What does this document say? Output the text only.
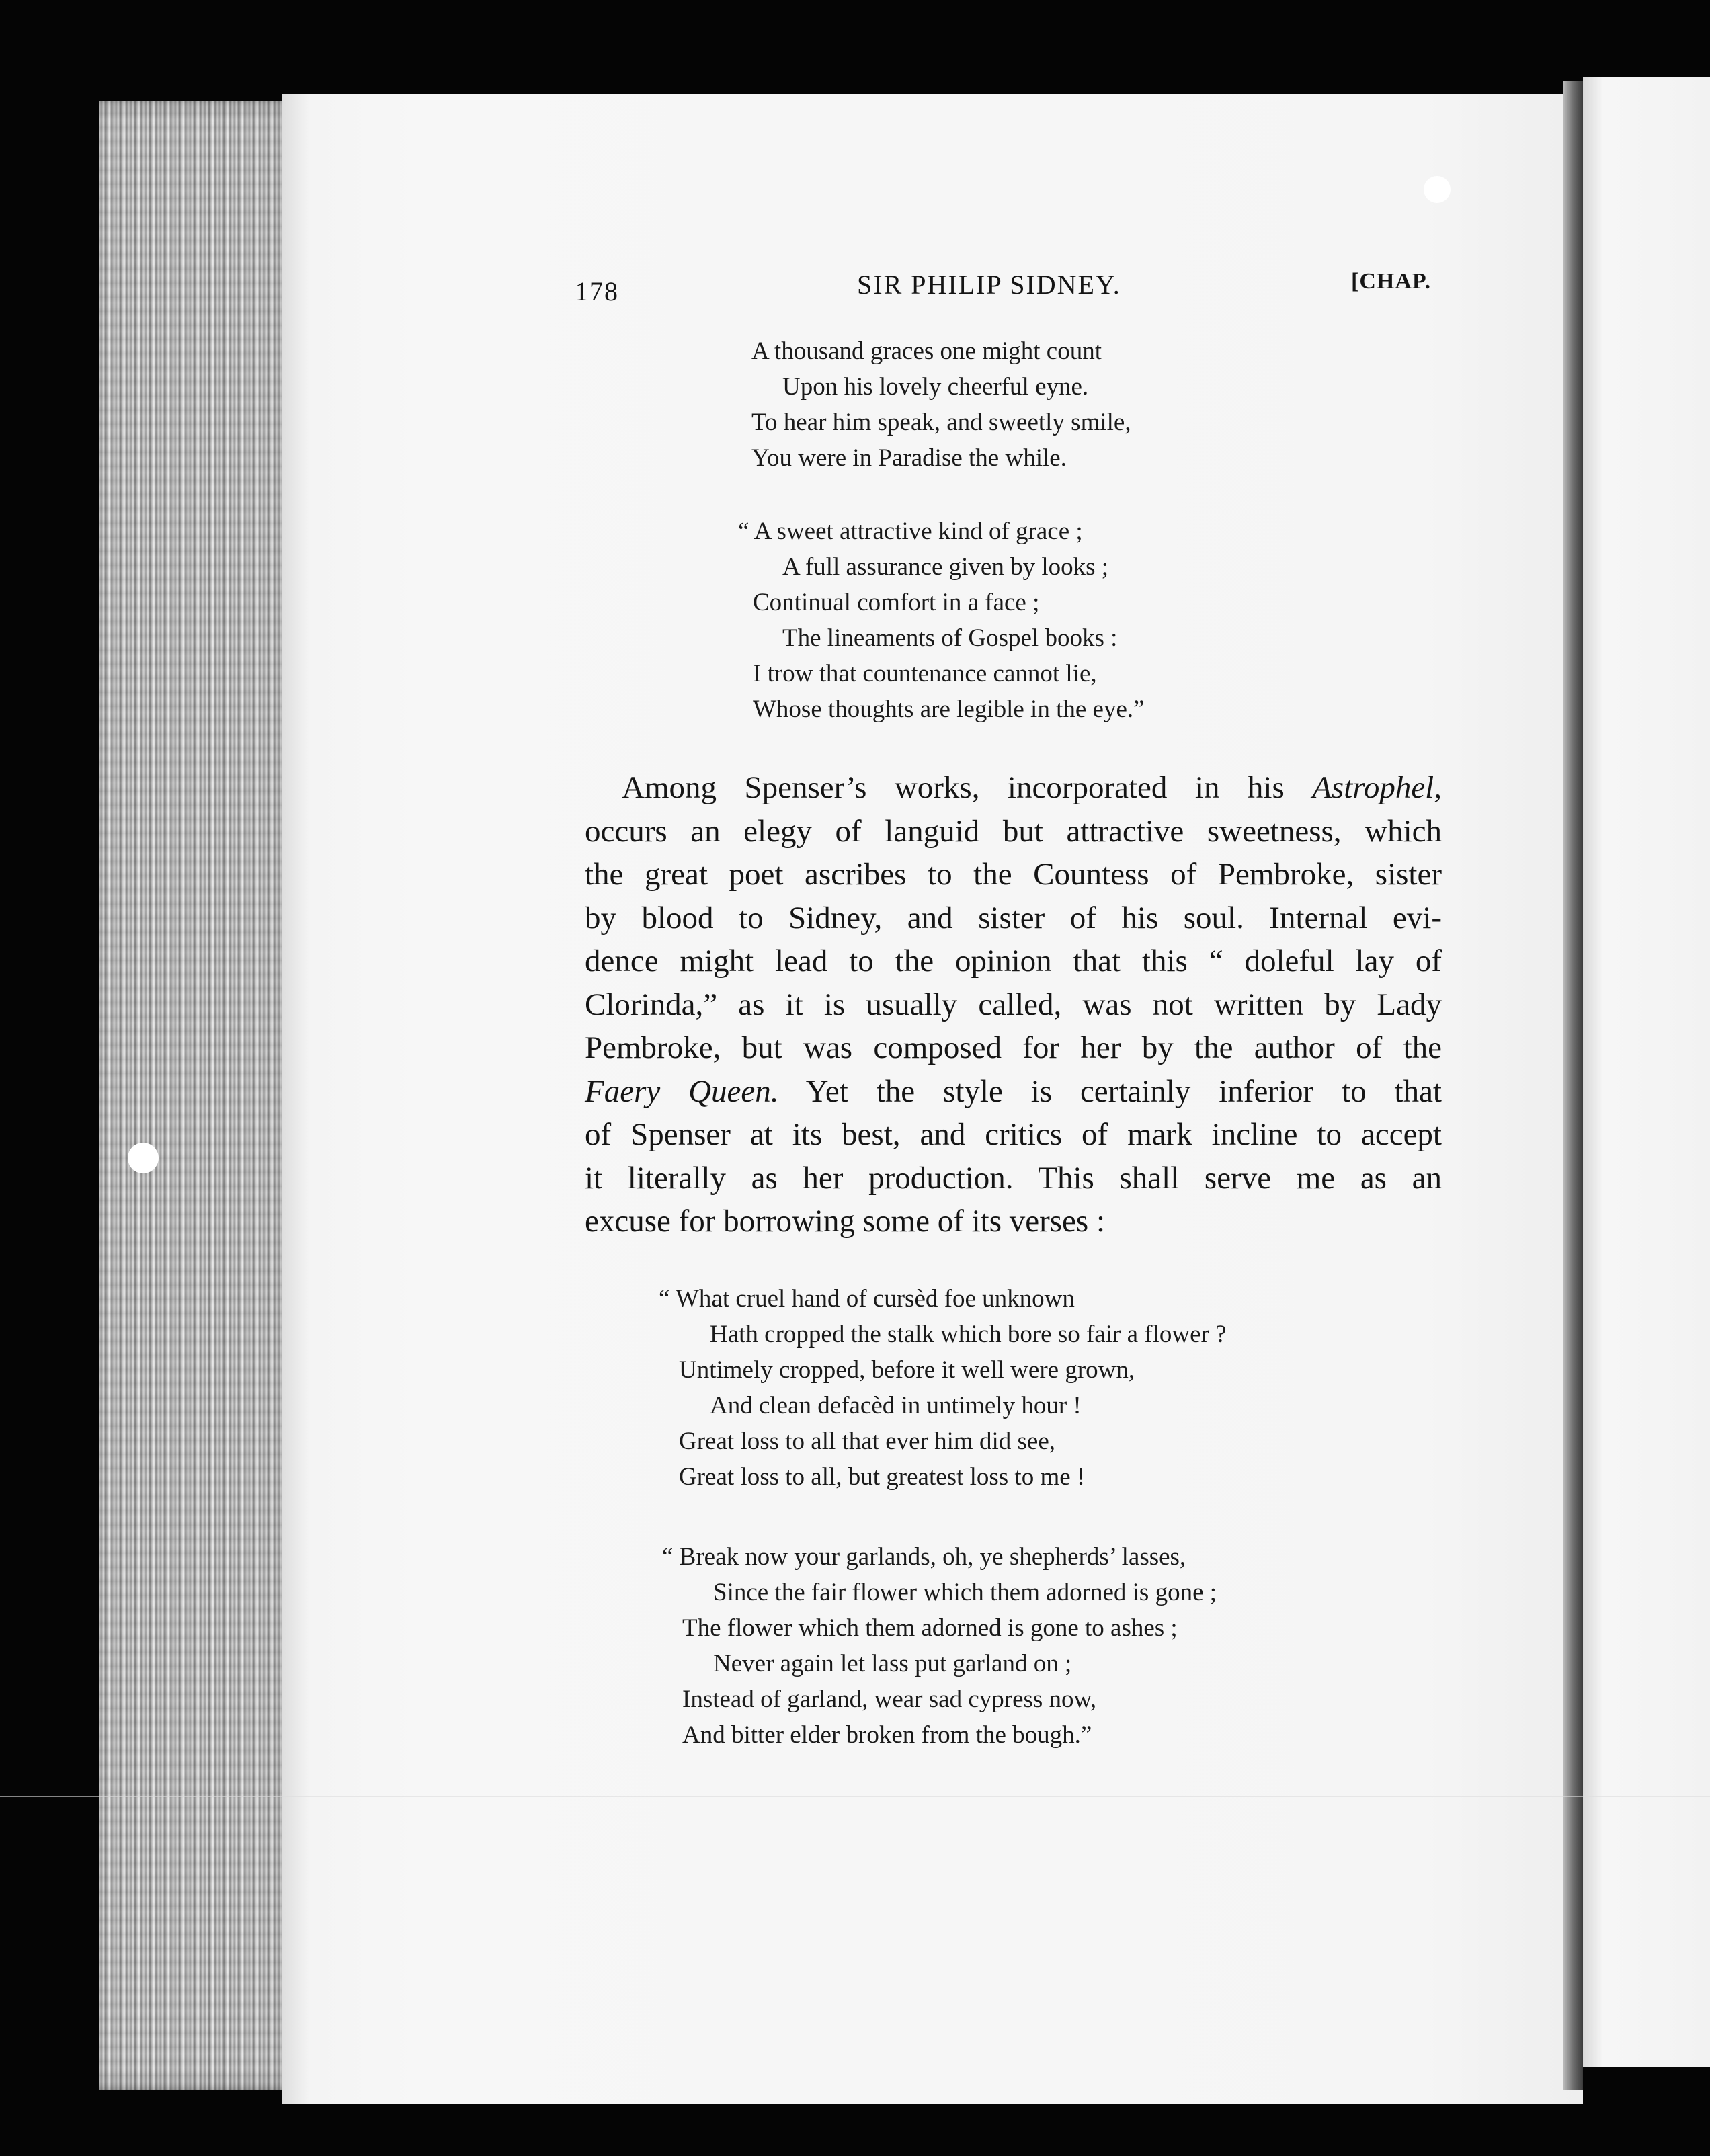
178	SIR PHILIP SIDNEY.	[CHAP.
A thousand graces one might count
Upon his lovely cheerful eyne.
To hear him speak, and sweetly smile,
You were in Paradise the while.
“ A sweet attractive kind of grace ;
A full assurance given by looks ;
Continual comfort in a face ;
The lineaments of Gospel books :
I trow that countenance cannot lie,
Whose thoughts are legible in the eye.”
Among Spenser’s works, incorporated in his Astrophel,
occurs an elegy of languid but attractive sweetness, which
the great poet ascribes to the Countess of Pembroke, sister
by blood to Sidney, and sister of his soul. Internal evi-
dence might lead to the opinion that this “ doleful lay of
Clorinda,” as it is usually called, was not written by Lady
Pembroke, but was composed for her by the author of the
Faery Queen. Yet the style is certainly inferior to that
of Spenser at its best, and critics of mark incline to accept
it literally as her production. This shall serve me as an
excuse for borrowing some of its verses :
“ What cruel hand of cursèd foe unknown
Hath cropped the stalk which bore so fair a flower ?
Untimely cropped, before it well were grown,
And clean defacèd in untimely hour !
Great loss to all that ever him did see,
Great loss to all, but greatest loss to me !
“ Break now your garlands, oh, ye shepherds’ lasses,
Since the fair flower which them adorned is gone ;
The flower which them adorned is gone to ashes ;
Never again let lass put garland on ;
Instead of garland, wear sad cypress now,
And bitter elder broken from the bough.”
